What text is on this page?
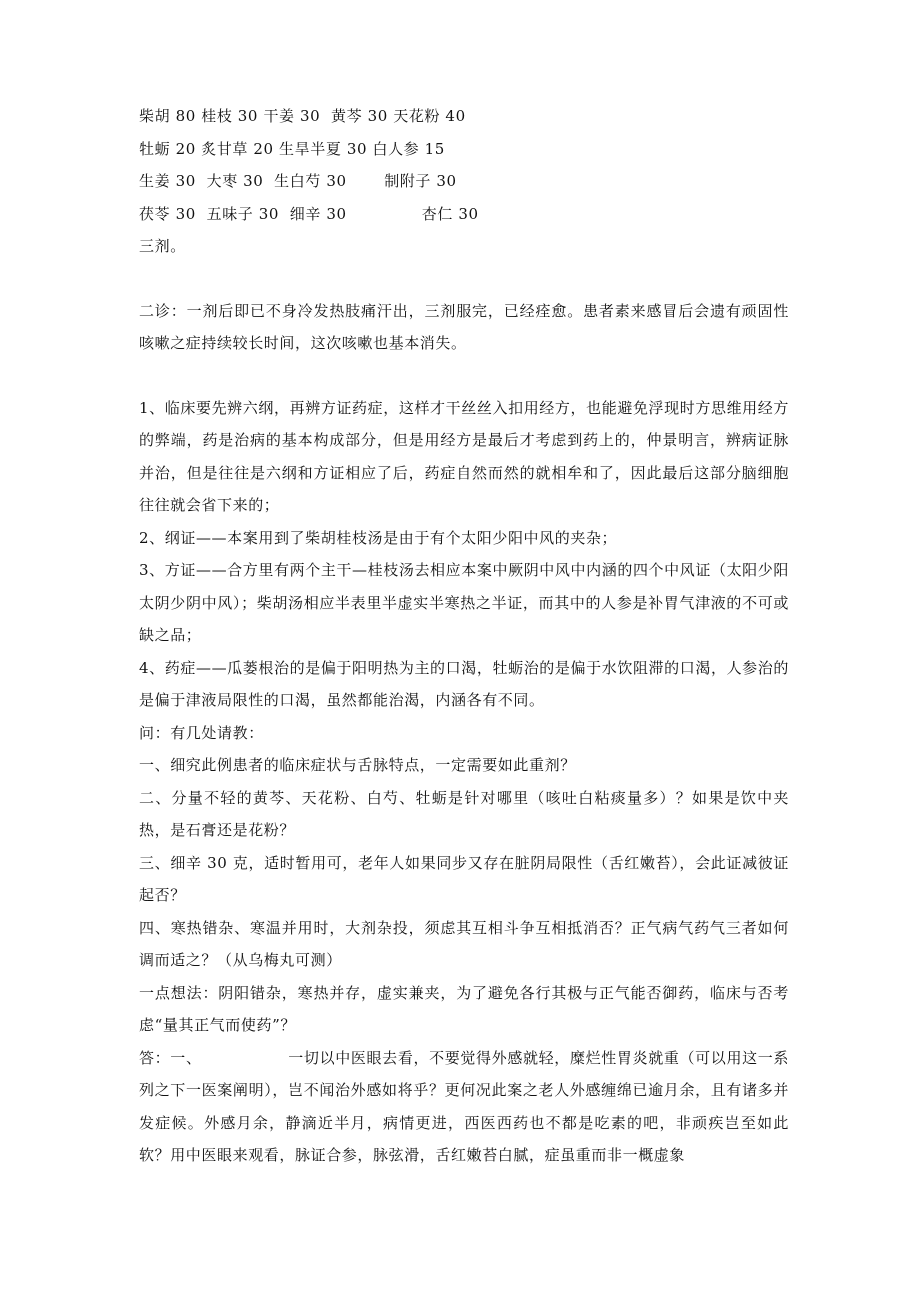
柴胡 80 桂枝 30 干姜 30  黄芩 30 天花粉 40

牡蛎 20 炙甘草 20 生旱半夏 30 白人参 15

生姜 30  大枣 30  生白芍 30       制附子 30

茯苓 30  五味子 30  细辛 30              杏仁 30

三剂。

二诊：一剂后即已不身冷发热肢痛汗出，三剂服完，已经痊愈。患者素来感冒后会遗有顽固性咳嗽之症持续较长时间，这次咳嗽也基本消失。

1、临床要先辨六纲，再辨方证药症，这样才干丝丝入扣用经方，也能避免浮现时方思维用经方的弊端，药是治病的基本构成部分，但是用经方是最后才考虑到药上的，仲景明言，辨病证脉并治，但是往往是六纲和方证相应了后，药症自然而然的就相牟和了，因此最后这部分脑细胞往往就会省下来的；

2、纲证——本案用到了柴胡桂枝汤是由于有个太阳少阳中风的夹杂；

3、方证——合方里有两个主干—桂枝汤去相应本案中厥阴中风中内涵的四个中风证（太阳少阳太阴少阴中风）；柴胡汤相应半表里半虚实半寒热之半证，而其中的人参是补胃气津液的不可或缺之品；

4、药症——瓜蒌根治的是偏于阳明热为主的口渴，牡蛎治的是偏于水饮阻滞的口渴，人参治的是偏于津液局限性的口渴，虽然都能治渴，内涵各有不同。

问：有几处请教：

一、细究此例患者的临床症状与舌脉特点，一定需要如此重剂？

二、分量不轻的黄芩、天花粉、白芍、牡蛎是针对哪里（咳吐白粘痰量多）？如果是饮中夹热，是石膏还是花粉？

三、细辛 30 克，适时暂用可，老年人如果同步又存在脏阴局限性（舌红嫩苔），会此证减彼证起否？

四、寒热错杂、寒温并用时，大剂杂投，须虑其互相斗争互相抵消否？正气病气药气三者如何调而适之？（从乌梅丸可测）

一点想法：阴阳错杂，寒热并存，虚实兼夹，为了避免各行其极与正气能否御药，临床与否考虑“量其正气而使药”？

答：一、                一切以中医眼去看，不要觉得外感就轻，糜烂性胃炎就重（可以用这一系列之下一医案阐明），岂不闻治外感如将乎？更何况此案之老人外感缠绵已逾月余，且有诸多并发症候。外感月余，静滴近半月，病情更进，西医西药也不都是吃素的吧，非顽疾岂至如此软？用中医眼来观看，脉证合参，脉弦滑，舌红嫩苔白腻，症虽重而非一概虚象
